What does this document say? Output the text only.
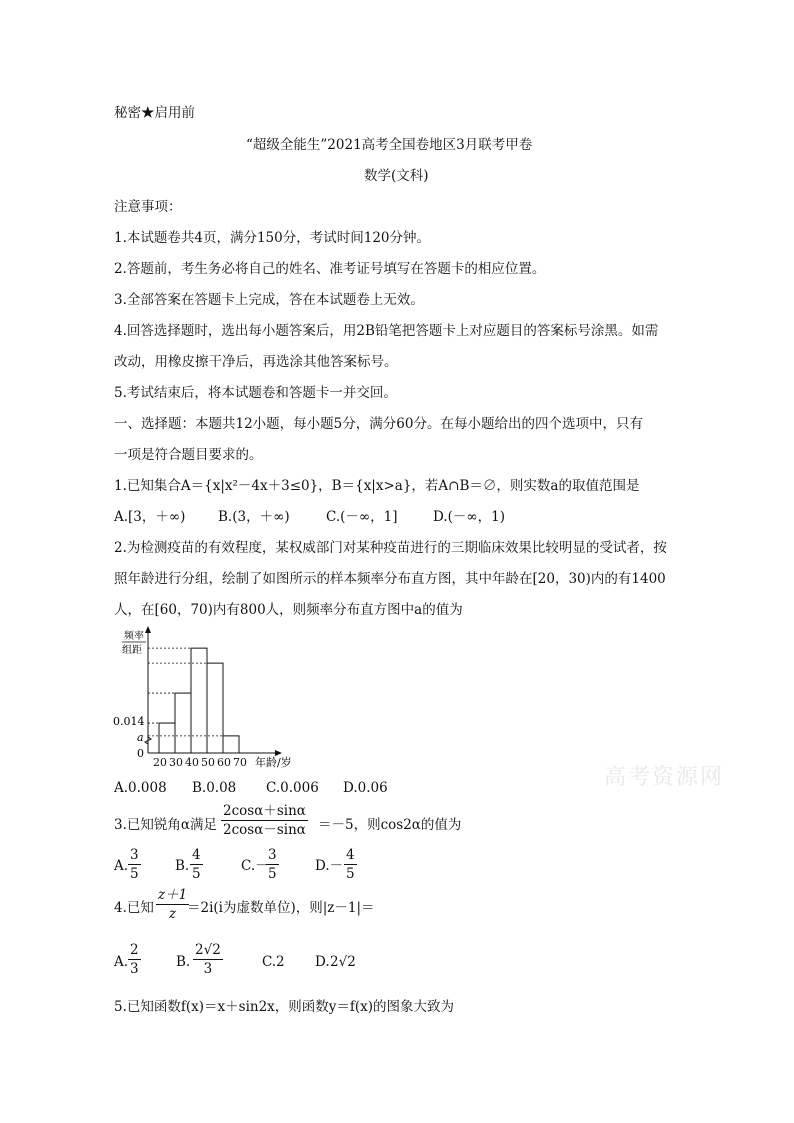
高考资源网
秘密★启用前
“超级全能生”2021高考全国卷地区3月联考甲卷
数学(文科)
注意事项：
1.本试题卷共4页，满分150分，考试时间120分钟。
2.答题前，考生务必将自己的姓名、准考证号填写在答题卡的相应位置。
3.全部答案在答题卡上完成，答在本试题卷上无效。
4.回答选择题时，选出每小题答案后，用2B铅笔把答题卡上对应题目的答案标号涂黑。如需
改动，用橡皮擦干净后，再选涂其他答案标号。
5.考试结束后，将本试题卷和答题卡一并交回。
一、选择题：本题共12小题，每小题5分，满分60分。在每小题给出的四个选项中，只有
一项是符合题目要求的。
1.已知集合A＝{x|x²－4x＋3≤0}，B＝{x|x>a}，若A∩B＝∅，则实数a的取值范围是
A.[3，＋∞) B.(3，＋∞)	C.(－∞，1]	D.(－∞，1)
2.为检测疫苗的有效程度，某权威部门对某种疫苗进行的三期临床效果比较明显的受试者，按
照年龄进行分组，绘制了如图所示的样本频率分布直方图，其中年龄在[20，30)内的有1400
人，在[60，70)内有800人，则频率分布直方图中a的值为
20 30 40 50 60 70
频率
组距
0.014
a
0
年龄/岁
A.0.008 B.0.08 C.0.006 D.0.06
3.已知锐角α满足 $\frac{2\cos\alpha+\sin\alpha}{2\cos\alpha-\sin\alpha} =-5$，则cos2α的值为
A. $\frac{3}{5}$	B. $\frac{4}{5}$	C.－
$\frac{3}{5}$	$D.- \frac{4}{5}$
4.已知 $\frac{z+1}{z}$
＝2i(i为虚数单位)，则|z－1|＝
A. $\frac{2}{3}$	B. $\frac{2√2}{3}$	C. 2 D. 2√2
5.已知函数f(x)＝x＋sin2x，则函数y＝f(x)的图象大致为
